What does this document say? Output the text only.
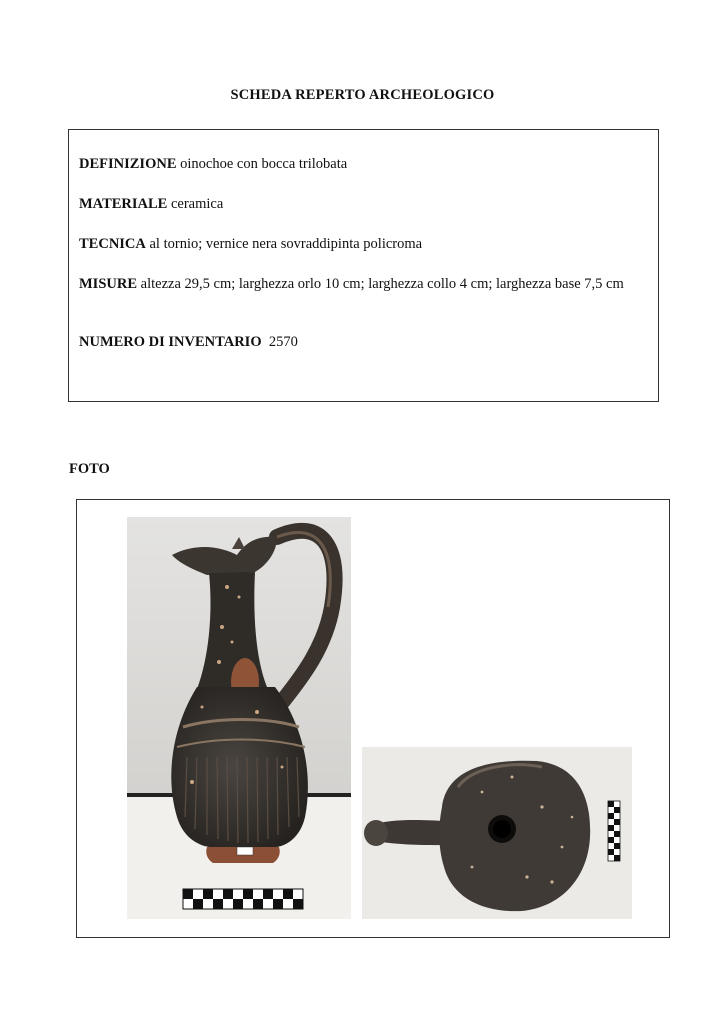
SCHEDA REPERTO ARCHEOLOGICO
DEFINIZIONE oinochoe con bocca trilobata
MATERIALE ceramica
TECNICA al tornio; vernice nera sovraddipinta policroma
MISURE altezza 29,5 cm; larghezza orlo 10 cm; larghezza collo 4 cm; larghezza base 7,5 cm
NUMERO DI INVENTARIO  2570
FOTO
